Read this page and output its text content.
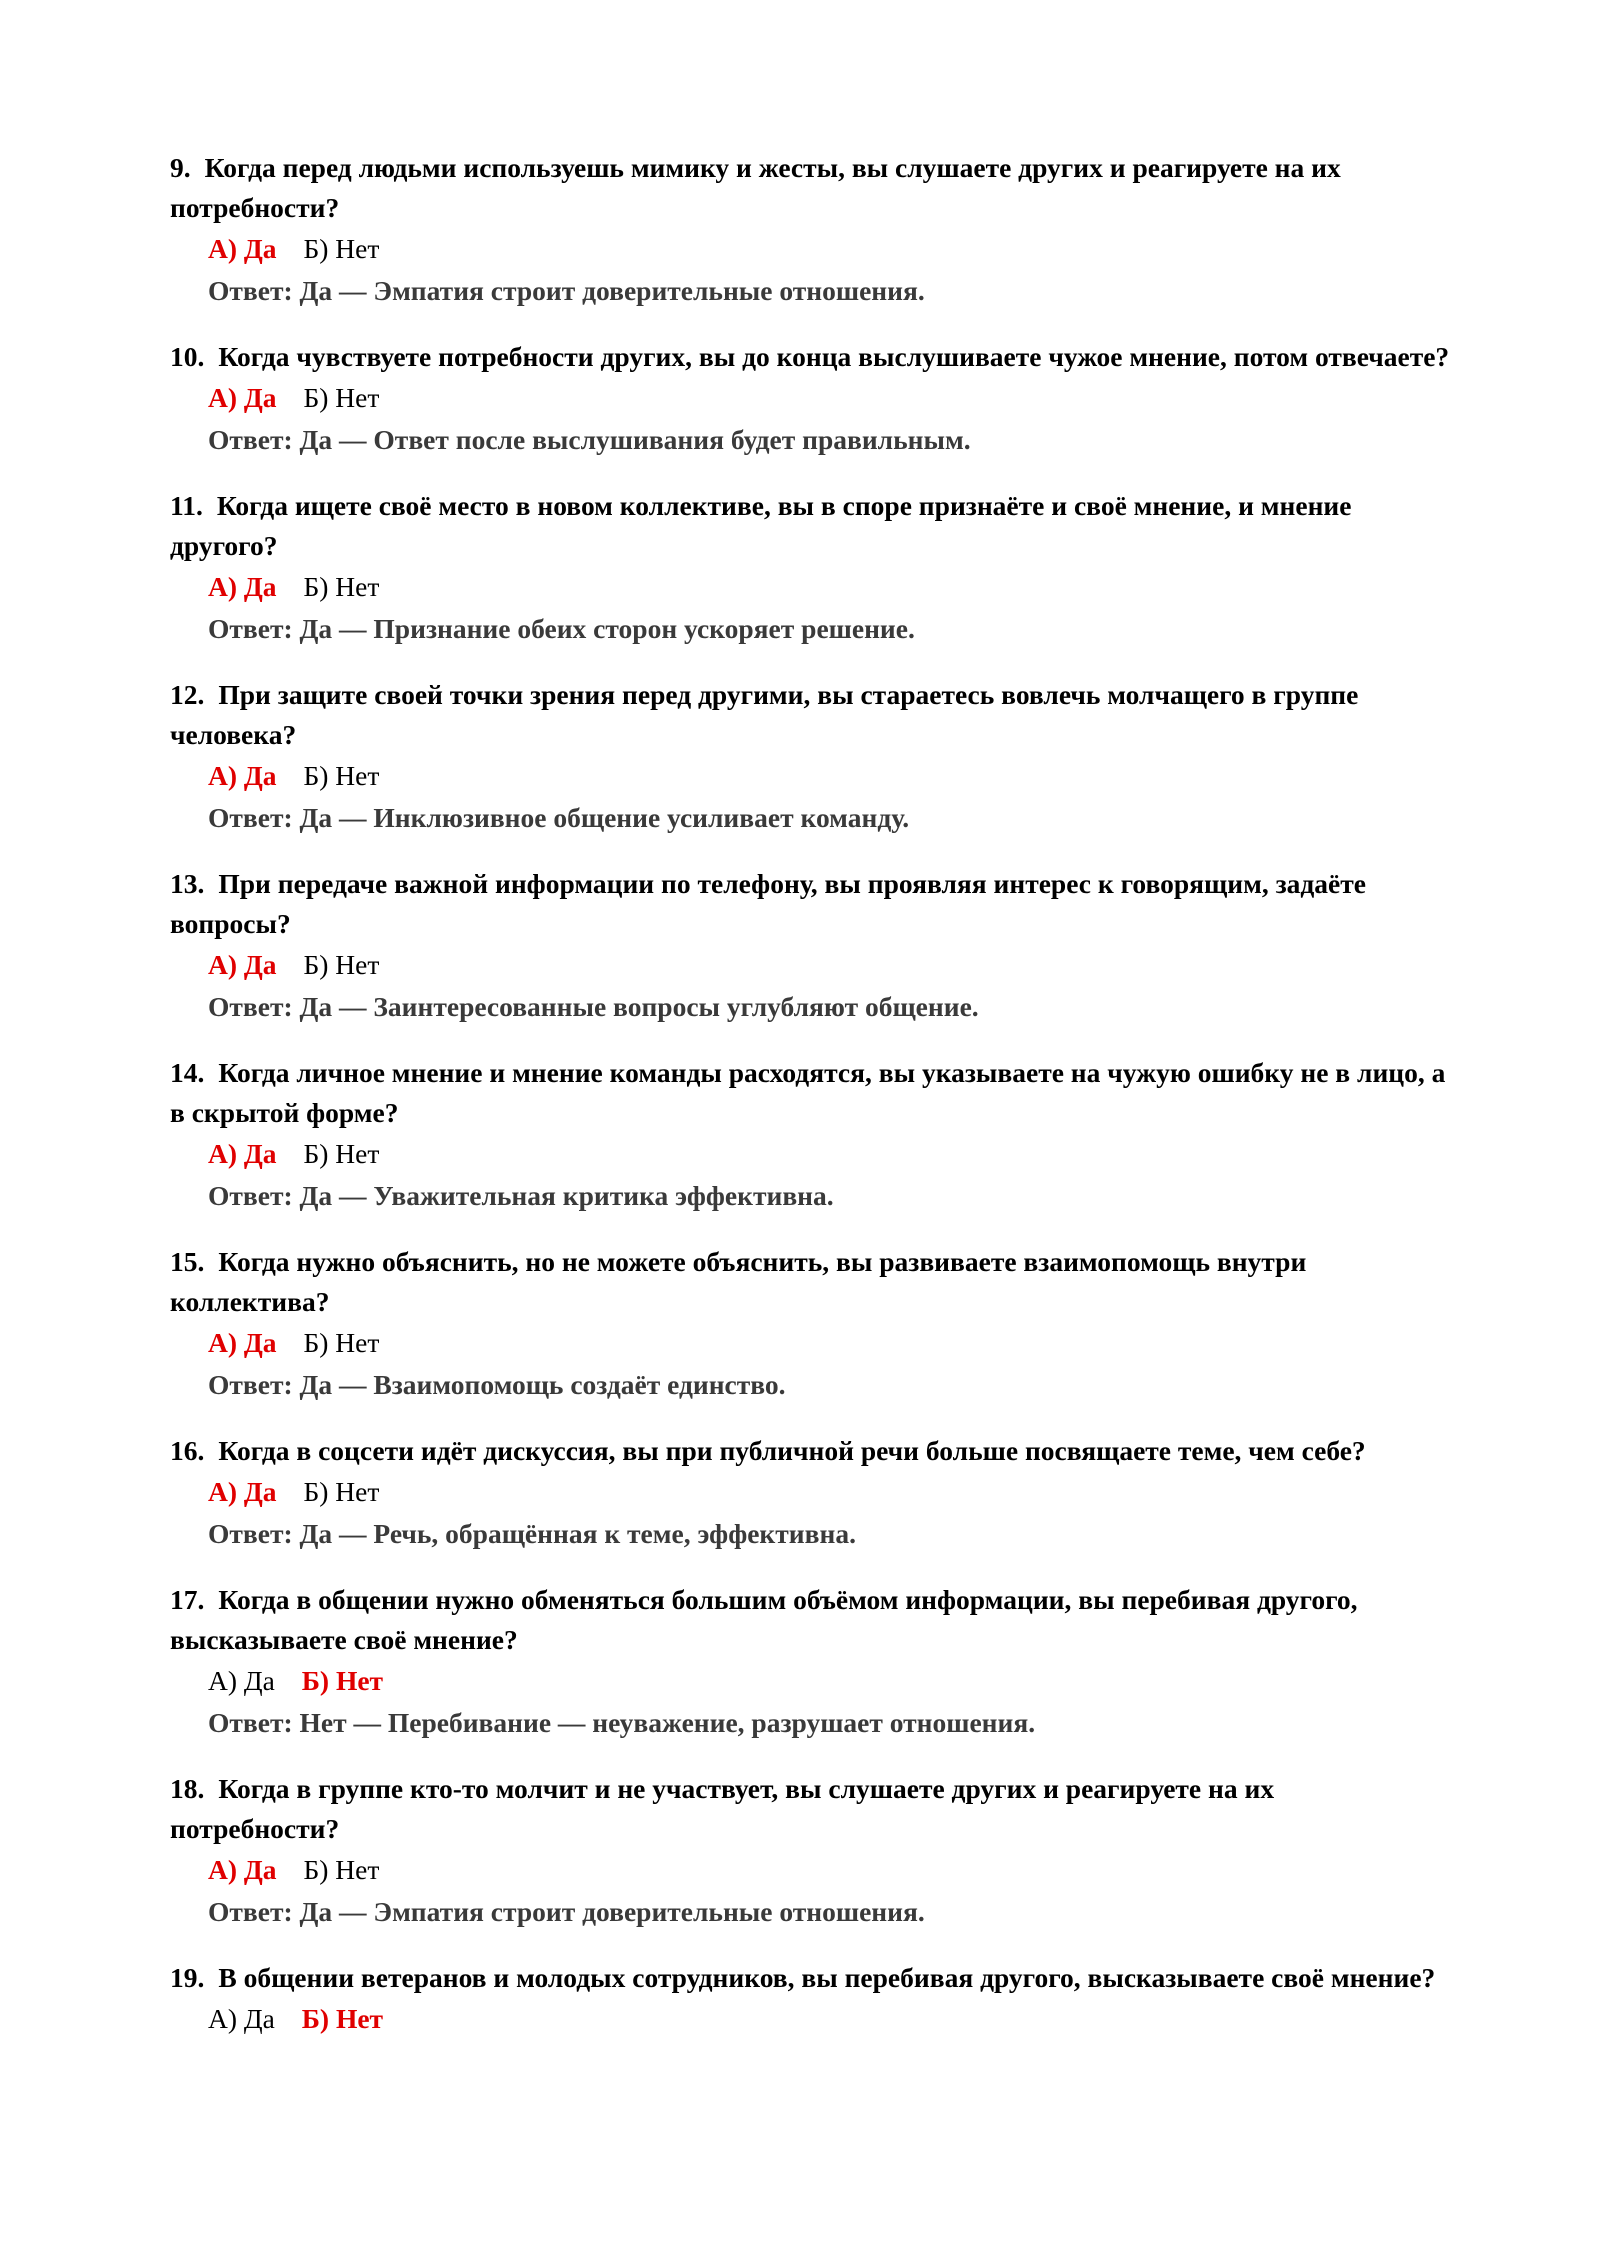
9. Когда перед людьми используешь мимику и жесты, вы слушаете других и реагируете на их потребности?

А) Да Б) Нет
Ответ: Да — Эмпатия строит доверительные отношения.

10. Когда чувствуете потребности других, вы до конца выслушиваете чужое мнение, потом отвечаете?

А) Да Б) Нет
Ответ: Да — Ответ после выслушивания будет правильным.

11. Когда ищете своё место в новом коллективе, вы в споре признаёте и своё мнение, и мнение другого?

А) Да Б) Нет
Ответ: Да — Признание обеих сторон ускоряет решение.

12. При защите своей точки зрения перед другими, вы стараетесь вовлечь молчащего в группе человека?

А) Да Б) Нет
Ответ: Да — Инклюзивное общение усиливает команду.

13. При передаче важной информации по телефону, вы проявляя интерес к говорящим, задаёте вопросы?

А) Да Б) Нет
Ответ: Да — Заинтересованные вопросы углубляют общение.

14. Когда личное мнение и мнение команды расходятся, вы указываете на чужую ошибку не в лицо, а в скрытой форме?

А) Да Б) Нет
Ответ: Да — Уважительная критика эффективна.

15. Когда нужно объяснить, но не можете объяснить, вы развиваете взаимопомощь внутри коллектива?

А) Да Б) Нет
Ответ: Да — Взаимопомощь создаёт единство.

16. Когда в соцсети идёт дискуссия, вы при публичной речи больше посвящаете теме, чем себе?

А) Да Б) Нет
Ответ: Да — Речь, обращённая к теме, эффективна.

17. Когда в общении нужно обменяться большим объёмом информации, вы перебивая другого, высказываете своё мнение?

А) Да Б) Нет
Ответ: Нет — Перебивание — неуважение, разрушает отношения.

18. Когда в группе кто-то молчит и не участвует, вы слушаете других и реагируете на их потребности?

А) Да Б) Нет
Ответ: Да — Эмпатия строит доверительные отношения.

19. В общении ветеранов и молодых сотрудников, вы перебивая другого, высказываете своё мнение?

А) Да Б) Нет
